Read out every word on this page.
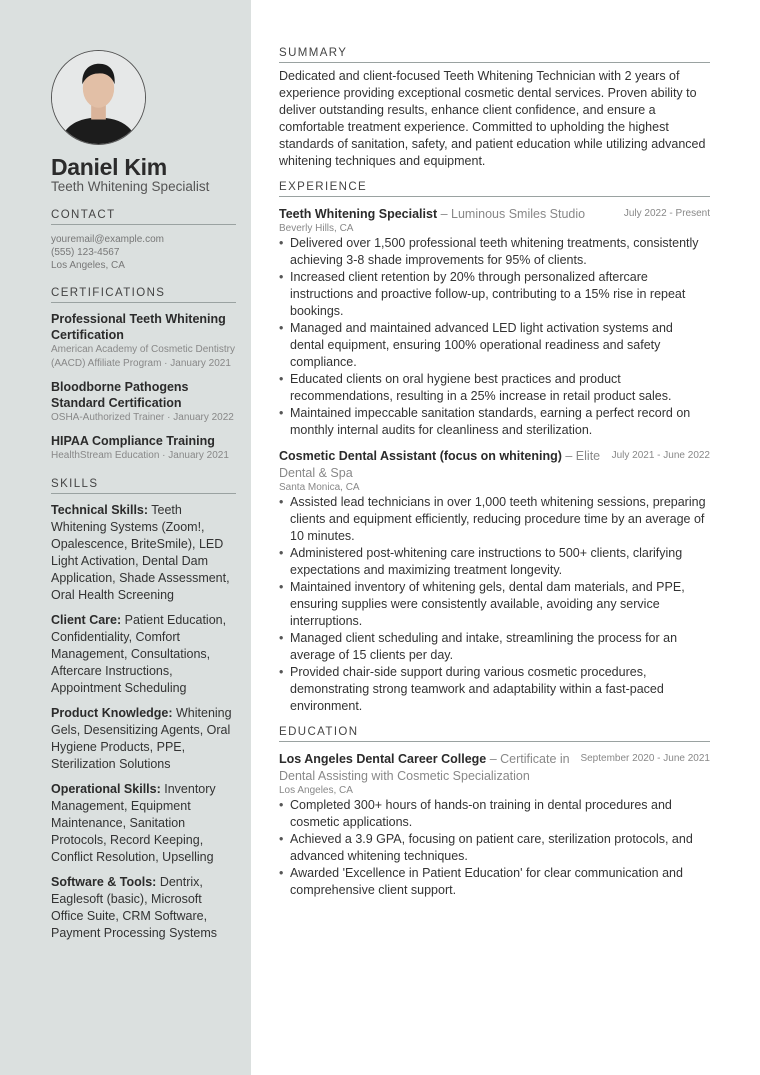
Daniel Kim
Teeth Whitening Specialist
CONTACT
youremail@example.com
(555) 123-4567
Los Angeles, CA
CERTIFICATIONS
Professional Teeth Whitening Certification
American Academy of Cosmetic Dentistry (AACD) Affiliate Program · January 2021
Bloodborne Pathogens Standard Certification
OSHA-Authorized Trainer · January 2022
HIPAA Compliance Training
HealthStream Education · January 2021
SKILLS
Technical Skills: Teeth Whitening Systems (Zoom!, Opalescence, BriteSmile), LED Light Activation, Dental Dam Application, Shade Assessment, Oral Health Screening
Client Care: Patient Education, Confidentiality, Comfort Management, Consultations, Aftercare Instructions, Appointment Scheduling
Product Knowledge: Whitening Gels, Desensitizing Agents, Oral Hygiene Products, PPE, Sterilization Solutions
Operational Skills: Inventory Management, Equipment Maintenance, Sanitation Protocols, Record Keeping, Conflict Resolution, Upselling
Software & Tools: Dentrix, Eaglesoft (basic), Microsoft Office Suite, CRM Software, Payment Processing Systems
SUMMARY
Dedicated and client-focused Teeth Whitening Technician with 2 years of experience providing exceptional cosmetic dental services. Proven ability to deliver outstanding results, enhance client confidence, and ensure a comfortable treatment experience. Committed to upholding the highest standards of sanitation, safety, and patient education while utilizing advanced whitening techniques and equipment.
EXPERIENCE
Teeth Whitening Specialist – Luminous Smiles Studio	July 2022 - Present
Beverly Hills, CA
• Delivered over 1,500 professional teeth whitening treatments, consistently achieving 3-8 shade improvements for 95% of clients.
• Increased client retention by 20% through personalized aftercare instructions and proactive follow-up, contributing to a 15% rise in repeat bookings.
• Managed and maintained advanced LED light activation systems and dental equipment, ensuring 100% operational readiness and safety compliance.
• Educated clients on oral hygiene best practices and product recommendations, resulting in a 25% increase in retail product sales.
• Maintained impeccable sanitation standards, earning a perfect record on monthly internal audits for cleanliness and sterilization.
Cosmetic Dental Assistant (focus on whitening) – Elite Dental & Spa
July 2021 - June 2022
Santa Monica, CA
• Assisted lead technicians in over 1,000 teeth whitening sessions, preparing clients and equipment efficiently, reducing procedure time by an average of 10 minutes.
• Administered post-whitening care instructions to 500+ clients, clarifying expectations and maximizing treatment longevity.
• Maintained inventory of whitening gels, dental dam materials, and PPE, ensuring supplies were consistently available, avoiding any service interruptions.
• Managed client scheduling and intake, streamlining the process for an average of 15 clients per day.
• Provided chair-side support during various cosmetic procedures, demonstrating strong teamwork and adaptability within a fast-paced environment.
EDUCATION
Los Angeles Dental Career College – Certificate in Dental Assisting with Cosmetic Specialization
September 2020 - June 2021
Los Angeles, CA
• Completed 300+ hours of hands-on training in dental procedures and cosmetic applications.
• Achieved a 3.9 GPA, focusing on patient care, sterilization protocols, and advanced whitening techniques.
• Awarded 'Excellence in Patient Education' for clear communication and comprehensive client support.
